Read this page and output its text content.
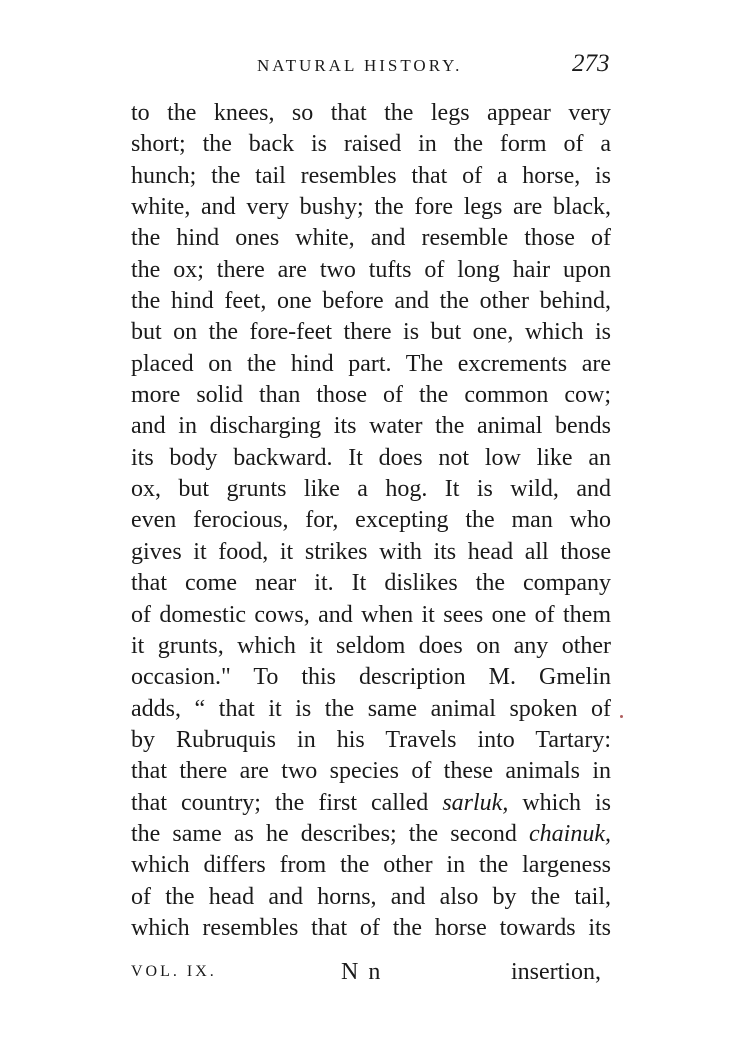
NATURAL HISTORY.	273
to the knees, so that the legs appear very
short; the back is raised in the form of a
hunch; the tail resembles that of a horse, is
white, and very bushy; the fore legs are black,
the hind ones white, and resemble those of
the ox; there are two tufts of long hair upon
the hind feet, one before and the other behind,
but on the fore-feet there is but one, which is
placed on the hind part. The excrements are
more solid than those of the common cow;
and in discharging its water the animal bends
its body backward. It does not low like an
ox, but grunts like a hog. It is wild, and
even ferocious, for, excepting the man who
gives it food, it strikes with its head all those
that come near it. It dislikes the company
of domestic cows, and when it sees one of them
it grunts, which it seldom does on any other
occasion." To this description M. Gmelin
adds, “ that it is the same animal spoken of
by Rubruquis in his Travels into Tartary:
that there are two species of these animals in
that country; the first called sarluk, which is
the same as he describes; the second chainuk,
which differs from the other in the largeness
of the head and horns, and also by the tail,
which resembles that of the horse towards its
VOL. IX.	N n	insertion,
